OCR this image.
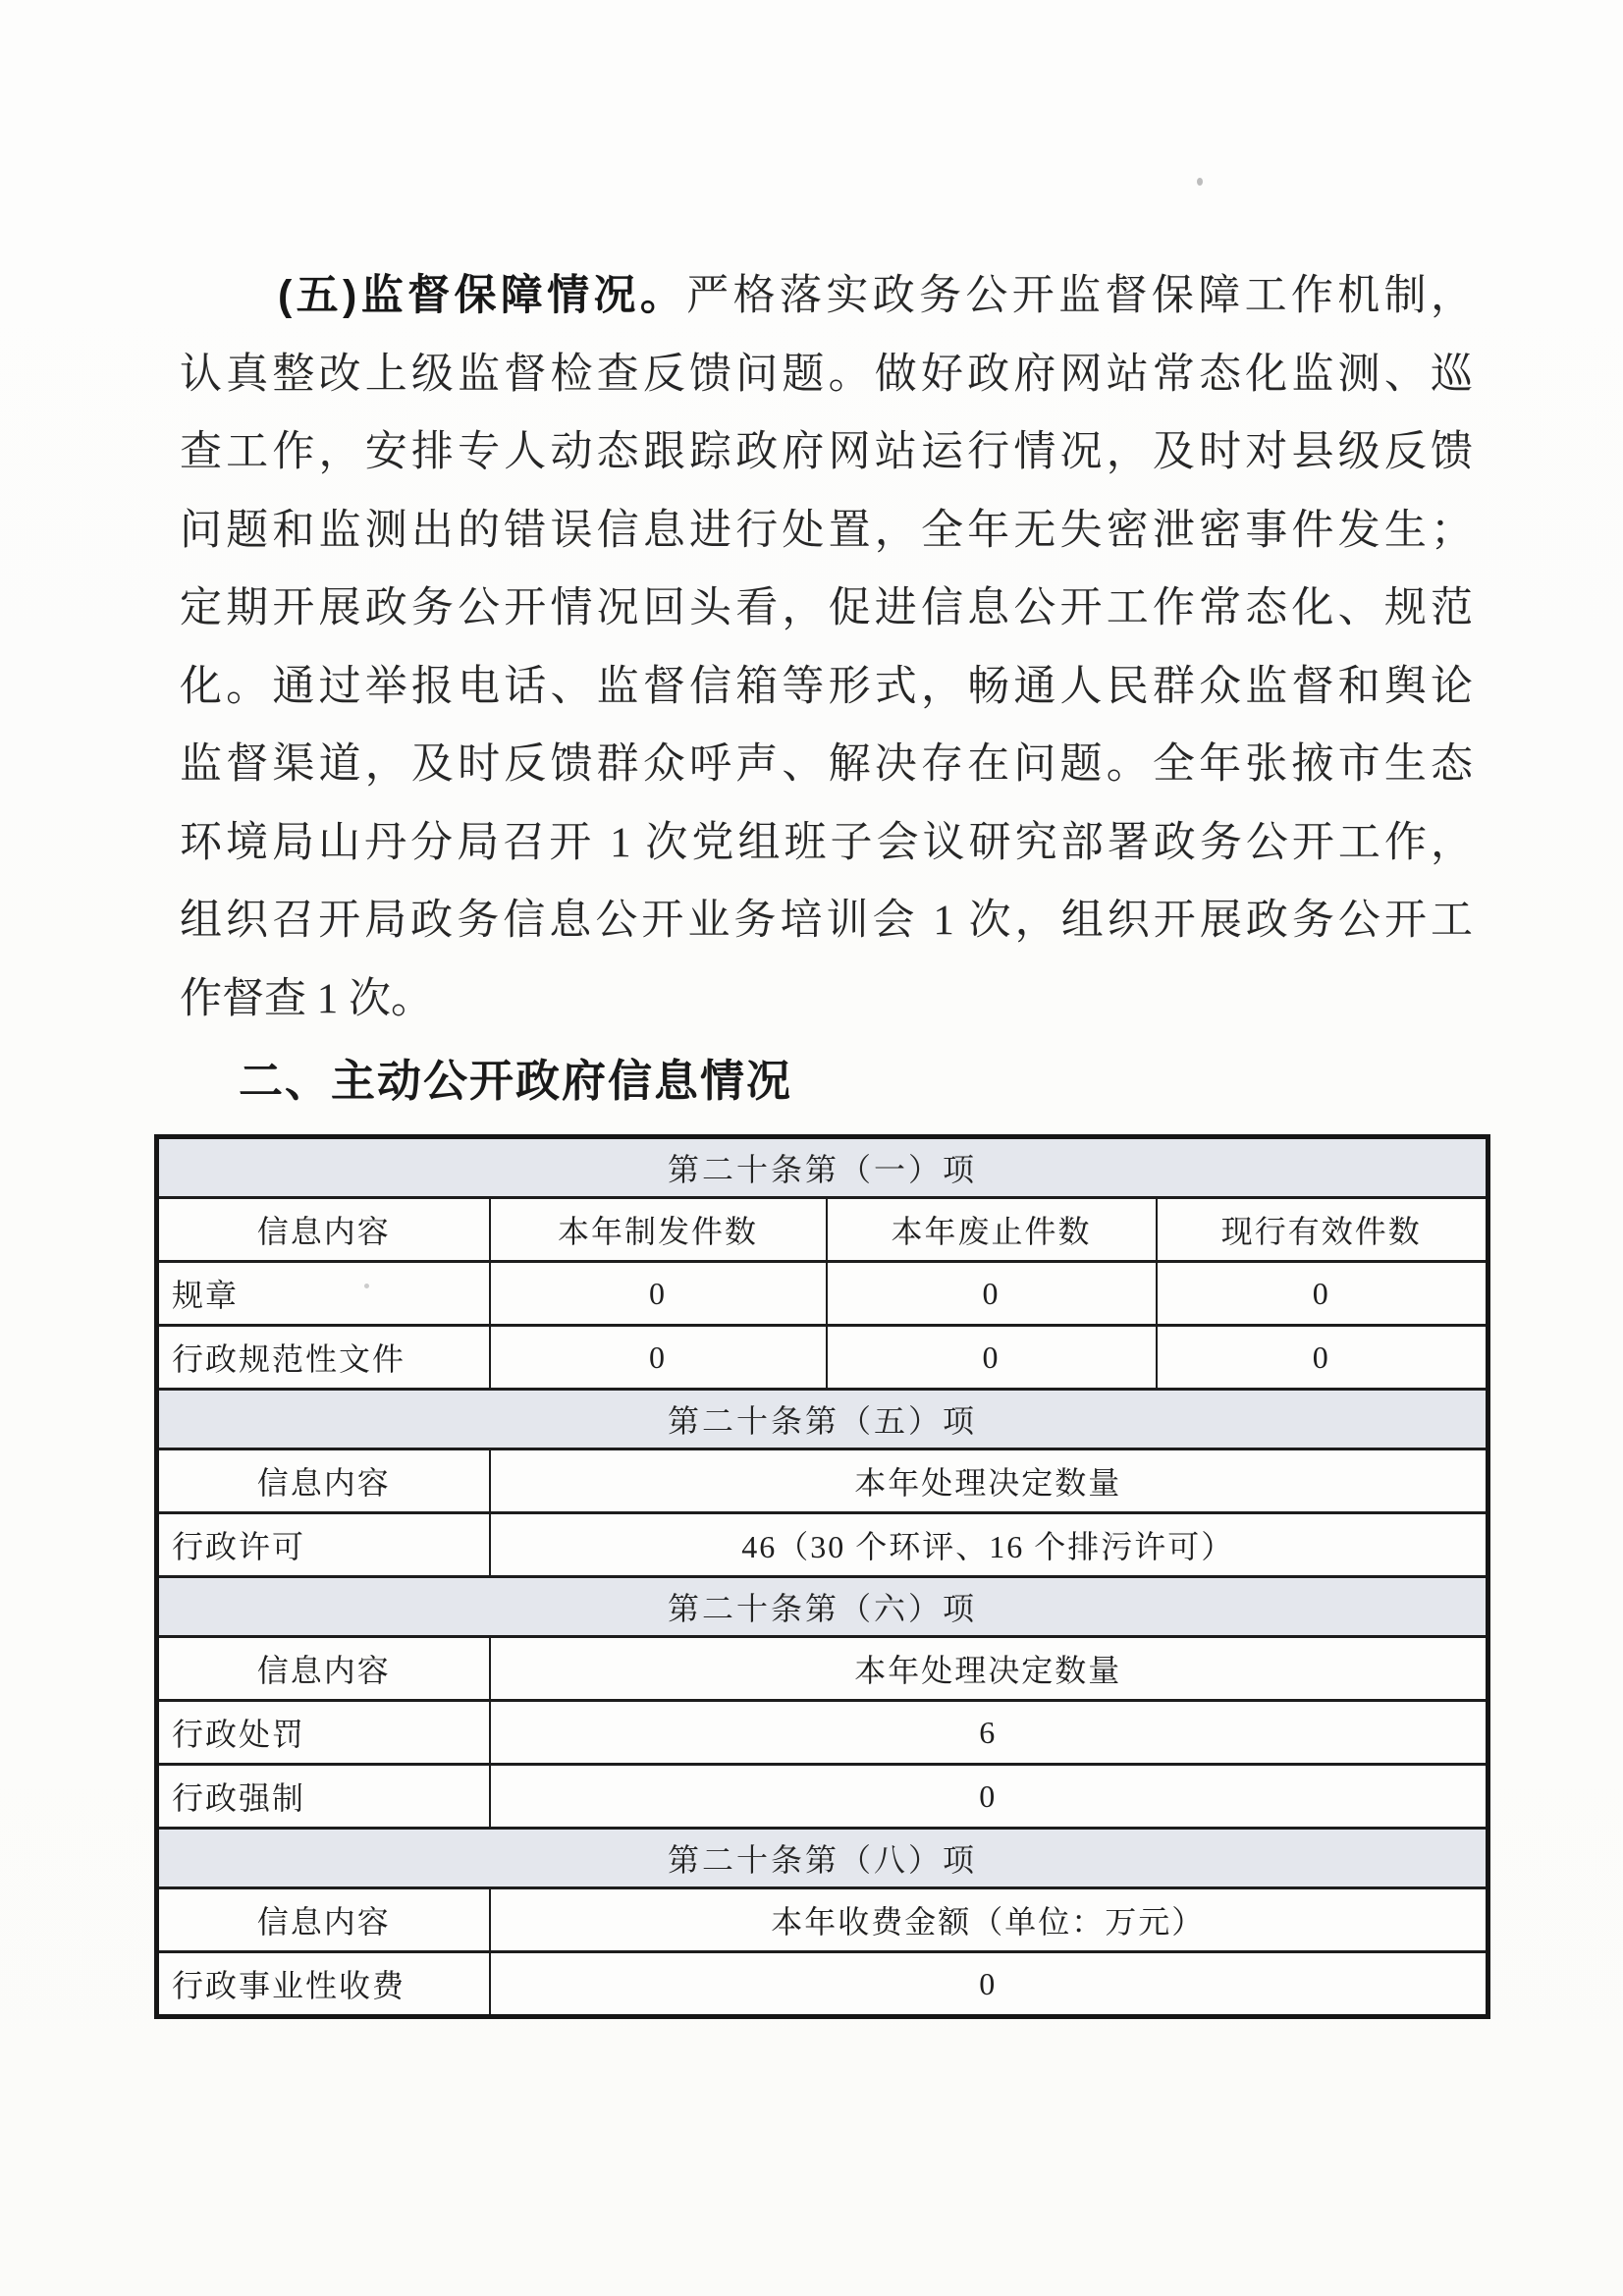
(五)监督保障情况。严格落实政务公开监督保障工作机制，
认真整改上级监督检查反馈问题。做好政府网站常态化监测、巡
查工作，安排专人动态跟踪政府网站运行情况，及时对县级反馈
问题和监测出的错误信息进行处置，全年无失密泄密事件发生；
定期开展政务公开情况回头看，促进信息公开工作常态化、规范
化。通过举报电话、监督信箱等形式，畅通人民群众监督和舆论
监督渠道，及时反馈群众呼声、解决存在问题。全年张掖市生态
环境局山丹分局召开 1 次党组班子会议研究部署政务公开工作，
组织召开局政务信息公开业务培训会 1 次，组织开展政务公开工
作督查 1 次。
二、主动公开政府信息情况
第二十条第（一）项			
信息内容	本年制发件数	本年废止件数	现行有效件数
规章	0	0	0
行政规范性文件	0	0	0
第二十条第（五）项			
信息内容	本年处理决定数量		
行政许可	46（30 个环评、16 个排污许可）		
第二十条第（六）项			
信息内容	本年处理决定数量		
行政处罚	6		
行政强制	0		
第二十条第（八）项			
信息内容	本年收费金额（单位：万元）		
行政事业性收费	0		
